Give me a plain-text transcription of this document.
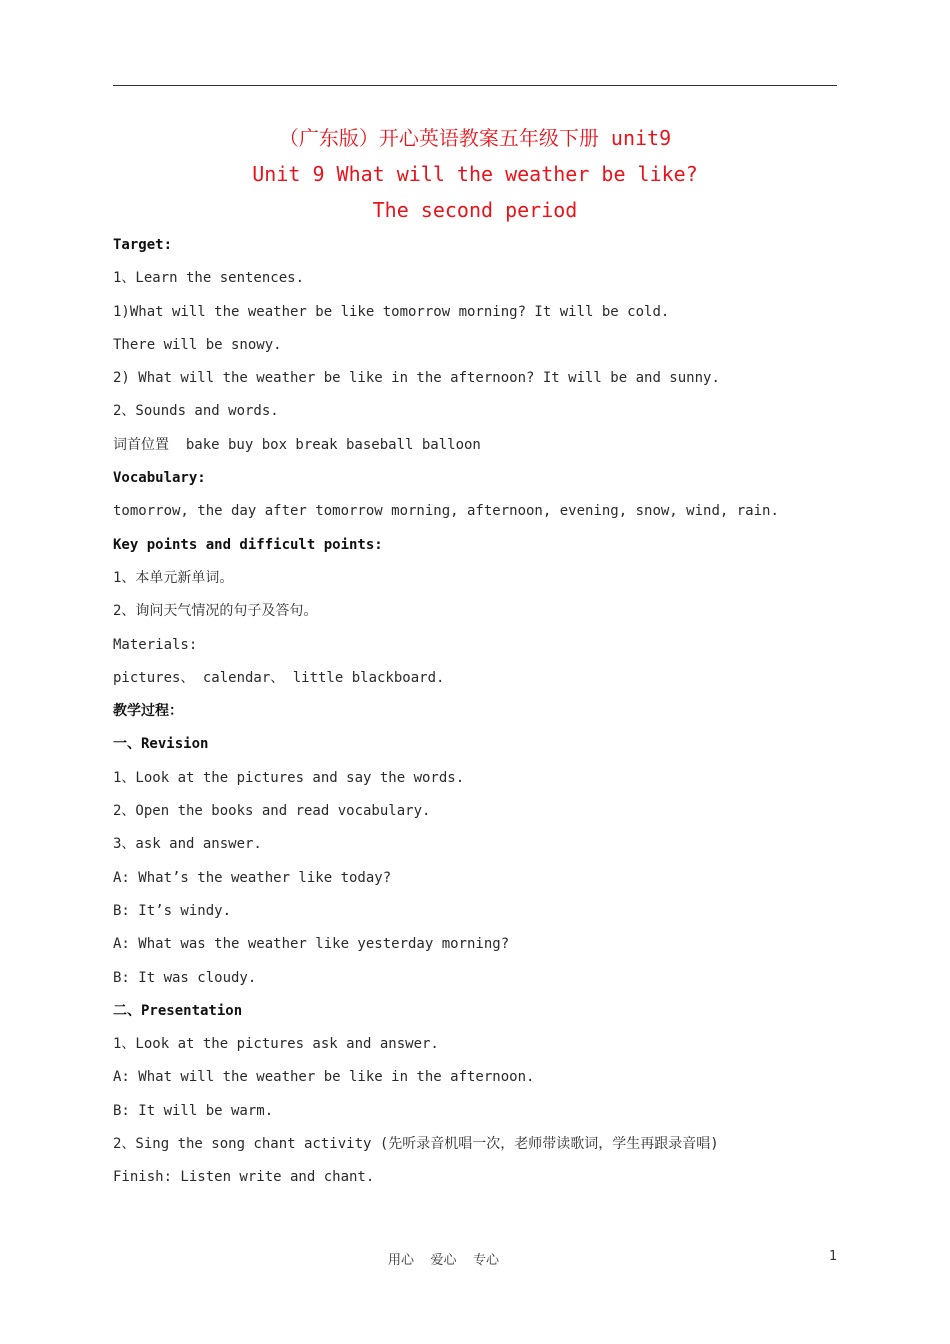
（广东版）开心英语教案五年级下册 unit9
Unit 9 What will the weather be like?
The second period
Target:
1、Learn the sentences.
1)What will the weather be like tomorrow morning? It will be cold.
There will be snowy.
2) What will the weather be like in the afternoon? It will be and sunny.
2、Sounds and words.
词首位置  bake buy box break baseball balloon
Vocabulary:
tomorrow, the day after tomorrow morning, afternoon, evening, snow, wind, rain.
Key points and difficult points:
1、本单元新单词。
2、询问天气情况的句子及答句。
Materials:
pictures、 calendar、 little blackboard.
教学过程：
一、Revision
1、Look at the pictures and say the words.
2、Open the books and read vocabulary.
3、ask and answer.
A: What’s the weather like today?
B: It’s windy.
A: What was the weather like yesterday morning?
B: It was cloudy.
二、Presentation
1、Look at the pictures ask and answer.
A: What will the weather be like in the afternoon.
B: It will be warm.
2、Sing the song chant activity (先听录音机唱一次，老师带读歌词，学生再跟录音唱)
Finish: Listen write and chant.
用心    爱心    专心	1
